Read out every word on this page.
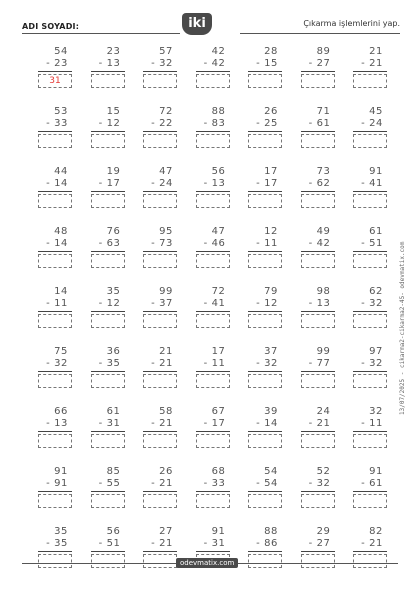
ADI SOYADI:	iki	Çıkarma işlemlerini yap.
13/07/2025 - cikarma2-cikarma2-45- odevmatix.com
54
- 23
31
23
- 13
57
- 32
42
- 42
28
- 15
89
- 27
21
- 21
53
- 33
15
- 12
72
- 22
88
- 83
26
- 25
71
- 61
45
- 24
44
- 14
19
- 17
47
- 24
56
- 13
17
- 17
73
- 62
91
- 41
48
- 14
76
- 63
95
- 73
47
- 46
12
- 11
49
- 42
61
- 51
14
- 11
35
- 12
99
- 37
72
- 41
79
- 12
98
- 13
62
- 32
75
- 32
36
- 35
21
- 21
17
- 11
37
- 32
99
- 77
97
- 32
66
- 13
61
- 31
58
- 21
67
- 17
39
- 14
24
- 21
32
- 11
91
- 91
85
- 55
26
- 21
68
- 33
54
- 54
52
- 32
91
- 61
35
- 35
56
- 51
27
- 21
91
- 31
88
- 86
29
- 27
82
- 21
odevmatix.com
